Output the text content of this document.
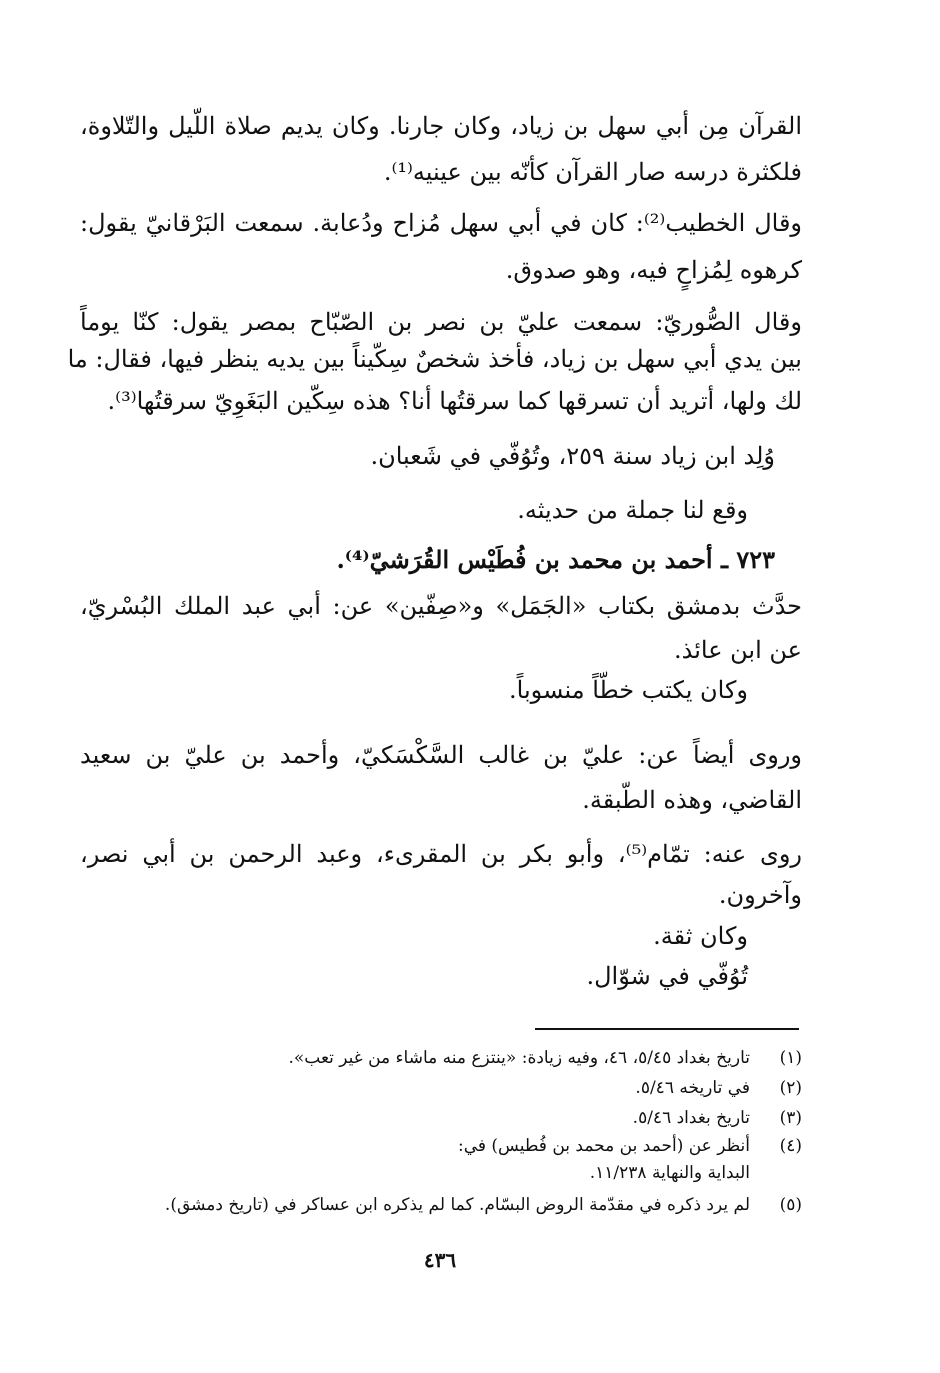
القرآن مِن أبي سهل بن زياد، وكان جارنا. وكان يديم صلاة اللّيل والتّلاوة،
فلكثرة درسه صار القرآن كأنّه بين عينيه⁽¹⁾.
وقال الخطيب⁽²⁾: كان في أبي سهل مُزاح ودُعابة. سمعت البَرْقانيّ يقول:
كرهوه لِمُزاحٍ فيه، وهو صدوق.
وقال الصُّوريّ: سمعت عليّ بن نصر بن الصّبّاح بمصر يقول: كنّا يوماً
بين يدي أبي سهل بن زياد، فأخذ شخصٌ سِكّيناً بين يديه ينظر فيها، فقال: ما
لك ولها، أتريد أن تسرقها كما سرقتُها أنا؟ هذه سِكّين البَغَوِيّ سرقتُها⁽³⁾.
وُلِد ابن زياد سنة ٢٥٩، وتُوُفّي في شَعبان.
وقع لنا جملة من حديثه.
٧٢٣ ـ أحمد بن محمد بن فُطَيْس القُرَشيّ⁽⁴⁾.
حدَّث بدمشق بكتاب «الجَمَل» و«صِفّين» عن: أبي عبد الملك البُسْريّ،
عن ابن عائذ.
وكان يكتب خطّاً منسوباً.
وروى أيضاً عن: عليّ بن غالب السَّكْسَكيّ، وأحمد بن عليّ بن سعيد
القاضي، وهذه الطّبقة.
روى عنه: تمّام⁽⁵⁾، وأبو بكر بن المقرىء، وعبد الرحمن بن أبي نصر،
وآخرون.
وكان ثقة.
تُوُفّي في شوّال.
(١)تاريخ بغداد ٥/٤٥، ٤٦، وفيه زيادة: «ينتزع منه ماشاء من غير تعب».
(٢)في تاريخه ٥/٤٦.
(٣)تاريخ بغداد ٥/٤٦.
(٤)أنظر عن (أحمد بن محمد بن فُطيس) في:
البداية والنهاية ١١/٢٣٨.
(٥)لم يرد ذكره في مقدّمة الروض البسّام. كما لم يذكره ابن عساكر في (تاريخ دمشق).
٤٣٦
